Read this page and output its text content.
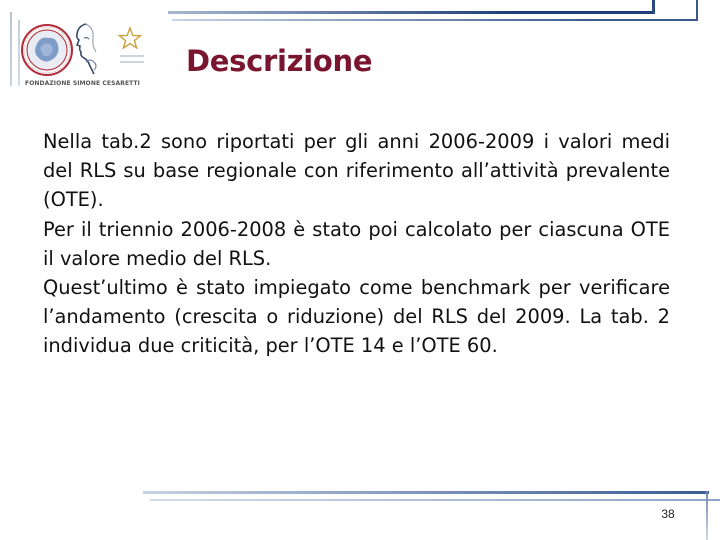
FONDAZIONE SIMONE CESARETTI
Descrizione

Nella tab.2 sono riportati per gli anni 2006-2009 i valori medi del RLS su base regionale con riferimento all’attività prevalente (OTE).

Per il triennio 2006-2008 è stato poi calcolato per ciascuna OTE il valore medio del RLS.

Quest’ultimo è stato impiegato come benchmark per verificare l’andamento (crescita o riduzione) del RLS del 2009. La tab. 2 individua due criticità, per l’OTE 14 e l’OTE 60.

38
